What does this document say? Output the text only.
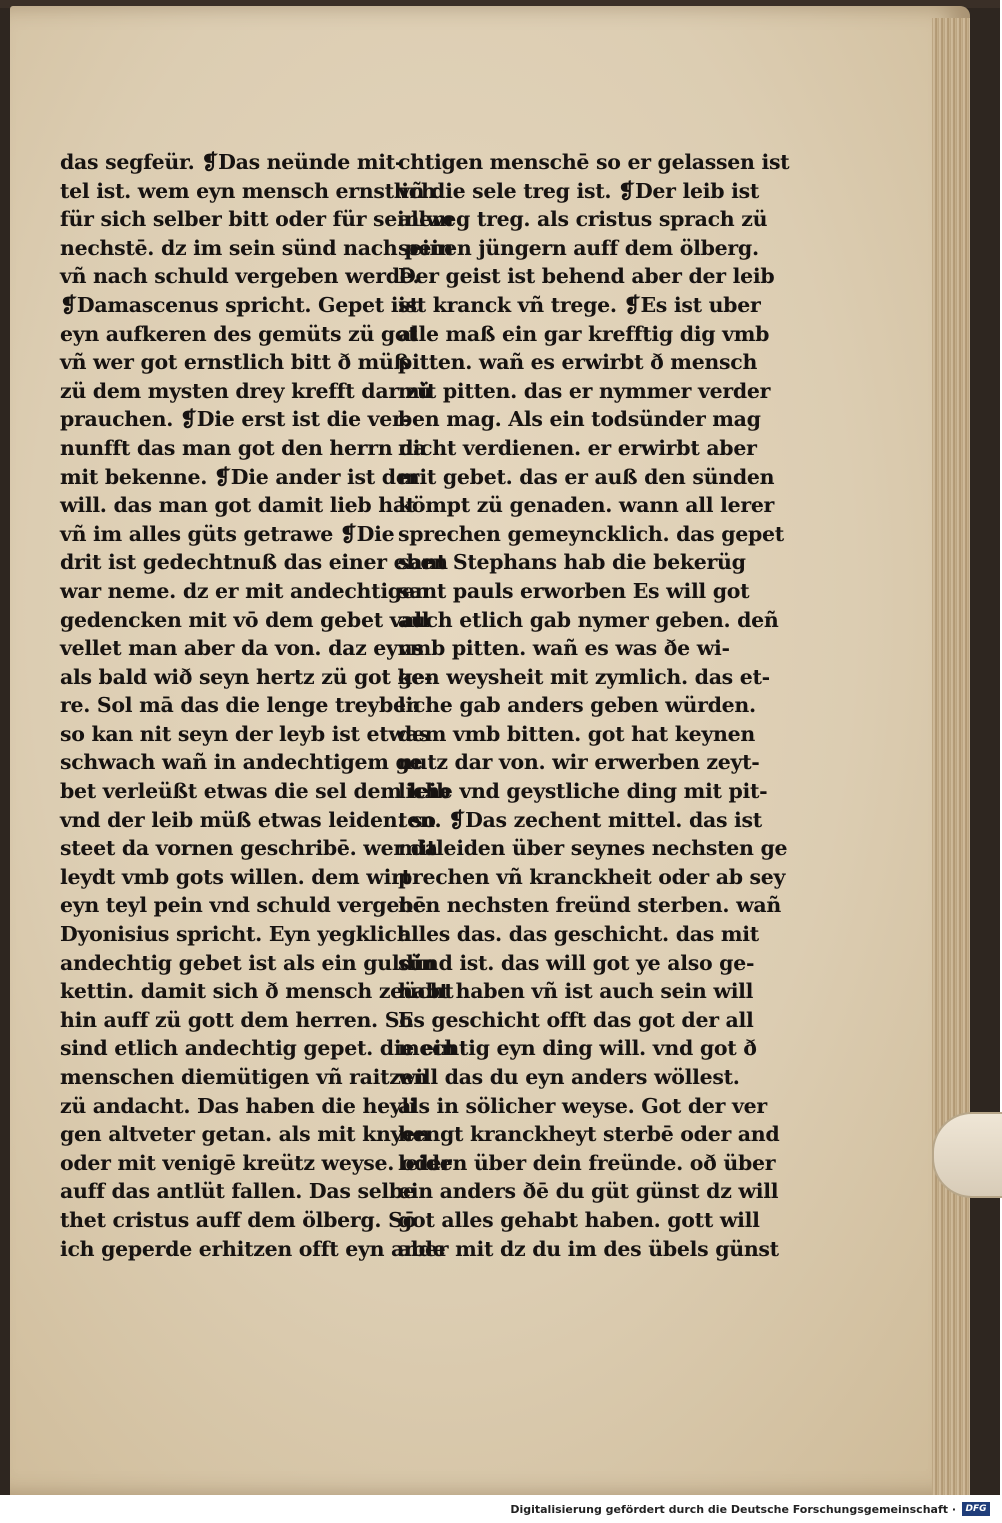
das segfeür. ❡Das neünde mit-
tel ist. wem eyn mensch ernstlich
für sich selber bitt oder für seinem
nechstē. dz im sein sünd nach pein
vñ nach schuld vergeben werdē.
❡Damascenus spricht. Gepet ist
eyn aufkeren des gemüts zü got
vñ wer got ernstlich bitt ð müß
zü dem mysten drey krefft dar zü
prauchen. ❡Die erst ist die ver-
nunfft das man got den herrn da
mit bekenne. ❡Die ander ist der
will. das man got damit lieb hat
vñ im alles güts getrawe ❡Die
drit ist gedechtnuß das einer eben
war neme. dz er mit andechtigen
gedencken mit vō dem gebet vall
vellet man aber da von. daz eyns
als bald wið seyn hertz zü got ke-
re. Sol mā das die lenge treyben
so kan nit seyn der leyb ist etwas
schwach wañ in andechtigem ge
bet verleüßt etwas die sel dem leib
vnd der leib müß etwas leiden. so
steet da vornen geschribē. wer da
leydt vmb gots willen. dem wirt
eyn teyl pein vnd schuld vergebē
Dyonisius spricht. Eyn yegklich
andechtig gebet ist als ein guldin
kettin. damit sich ð mensch zeücht
hin auff zü gott dem herren. So
sind etlich andechtig gepet. die ein
menschen diemütigen vñ raitzen
zü andacht. Das haben die heyli
gen altveter getan. als mit knyen
oder mit venigē kreütz weyse. oder
auff das antlüt fallen. Das selbe
thet cristus auff dem ölberg. Sō
ich geperde erhitzen offt eyn ande
chtigen menschē so er gelassen ist
vñ die sele treg ist. ❡Der leib ist
allweg treg. als cristus sprach zü
seinen jüngern auff dem ölberg.
Der geist ist behend aber der leib
ist kranck vñ trege. ❡Es ist uber
alle maß ein gar krefftig dig vmb
pitten. wañ es erwirbt ð mensch
mit pitten. das er nymmer verder
ben mag. Als ein todsünder mag
nicht verdienen. er erwirbt aber
mit gebet. das er auß den sünden
kömpt zü genaden. wann all lerer
sprechen gemeyncklich. das gepet
sant Stephans hab die bekerüg
sant pauls erworben Es will got
auch etlich gab nymer geben. deñ
vmb pitten. wañ es was ðe wi-
gen weysheit mit zymlich. das et-
liche gab anders geben würden.
dem vmb bitten. got hat keynen
nutz dar von. wir erwerben zeyt-
liche vnd geystliche ding mit pit-
ten. ❡Das zechent mittel. das ist
mitleiden über seynes nechsten ge
prechen vñ kranckheit oder ab sey
nen nechsten freünd sterben. wañ
alles das. das geschicht. das mit
sünd ist. das will got ye also ge-
habt haben vñ ist auch sein will
Es geschicht offt das got der all
mechtig eyn ding will. vnd got ð
will das du eyn anders wöllest.
als in sölicher weyse. Got der ver
hengt kranckheyt sterbē oder and
leiden über dein freünde. oð über
ein anders ðē du güt günst dz will
got alles gehabt haben. gott will
aber mit dz du im des übels günst
Digitalisierung gefördert durch die Deutsche Forschungsgemeinschaft ·	DFG
